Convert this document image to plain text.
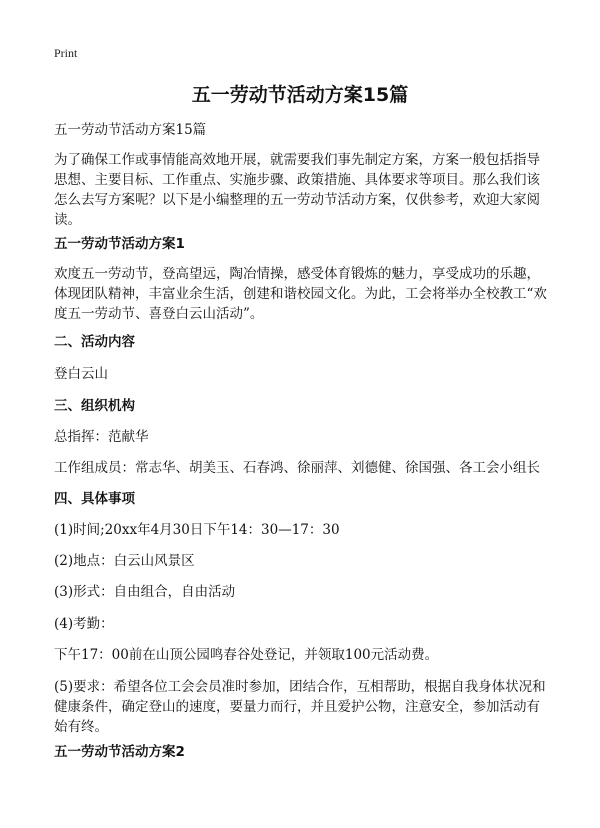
Print
五一劳动节活动方案15篇
五一劳动节活动方案15篇
为了确保工作或事情能高效地开展，就需要我们事先制定方案，方案一般包括指导思想、主要目标、工作重点、实施步骤、政策措施、具体要求等项目。那么我们该怎么去写方案呢？以下是小编整理的五一劳动节活动方案，仅供参考，欢迎大家阅读。
五一劳动节活动方案1
欢度五一劳动节，登高望远，陶冶情操，感受体育锻炼的魅力，享受成功的乐趣，体现团队精神，丰富业余生活，创建和谐校园文化。为此，工会将举办全校教工“欢度五一劳动节、喜登白云山活动”。
二、活动内容
登白云山
三、组织机构
总指挥：范献华
工作组成员：常志华、胡美玉、石春鸿、徐丽萍、刘德健、徐国强、各工会小组长
四、具体事项
(1)时间;20xx年4月30日下午14：30—17：30
(2)地点：白云山风景区
(3)形式：自由组合，自由活动
(4)考勤：
下午17：00前在山顶公园鸣春谷处登记，并领取100元活动费。
(5)要求：希望各位工会会员准时参加，团结合作，互相帮助，根据自我身体状况和健康条件，确定登山的速度，要量力而行，并且爱护公物，注意安全，参加活动有始有终。
五一劳动节活动方案2
